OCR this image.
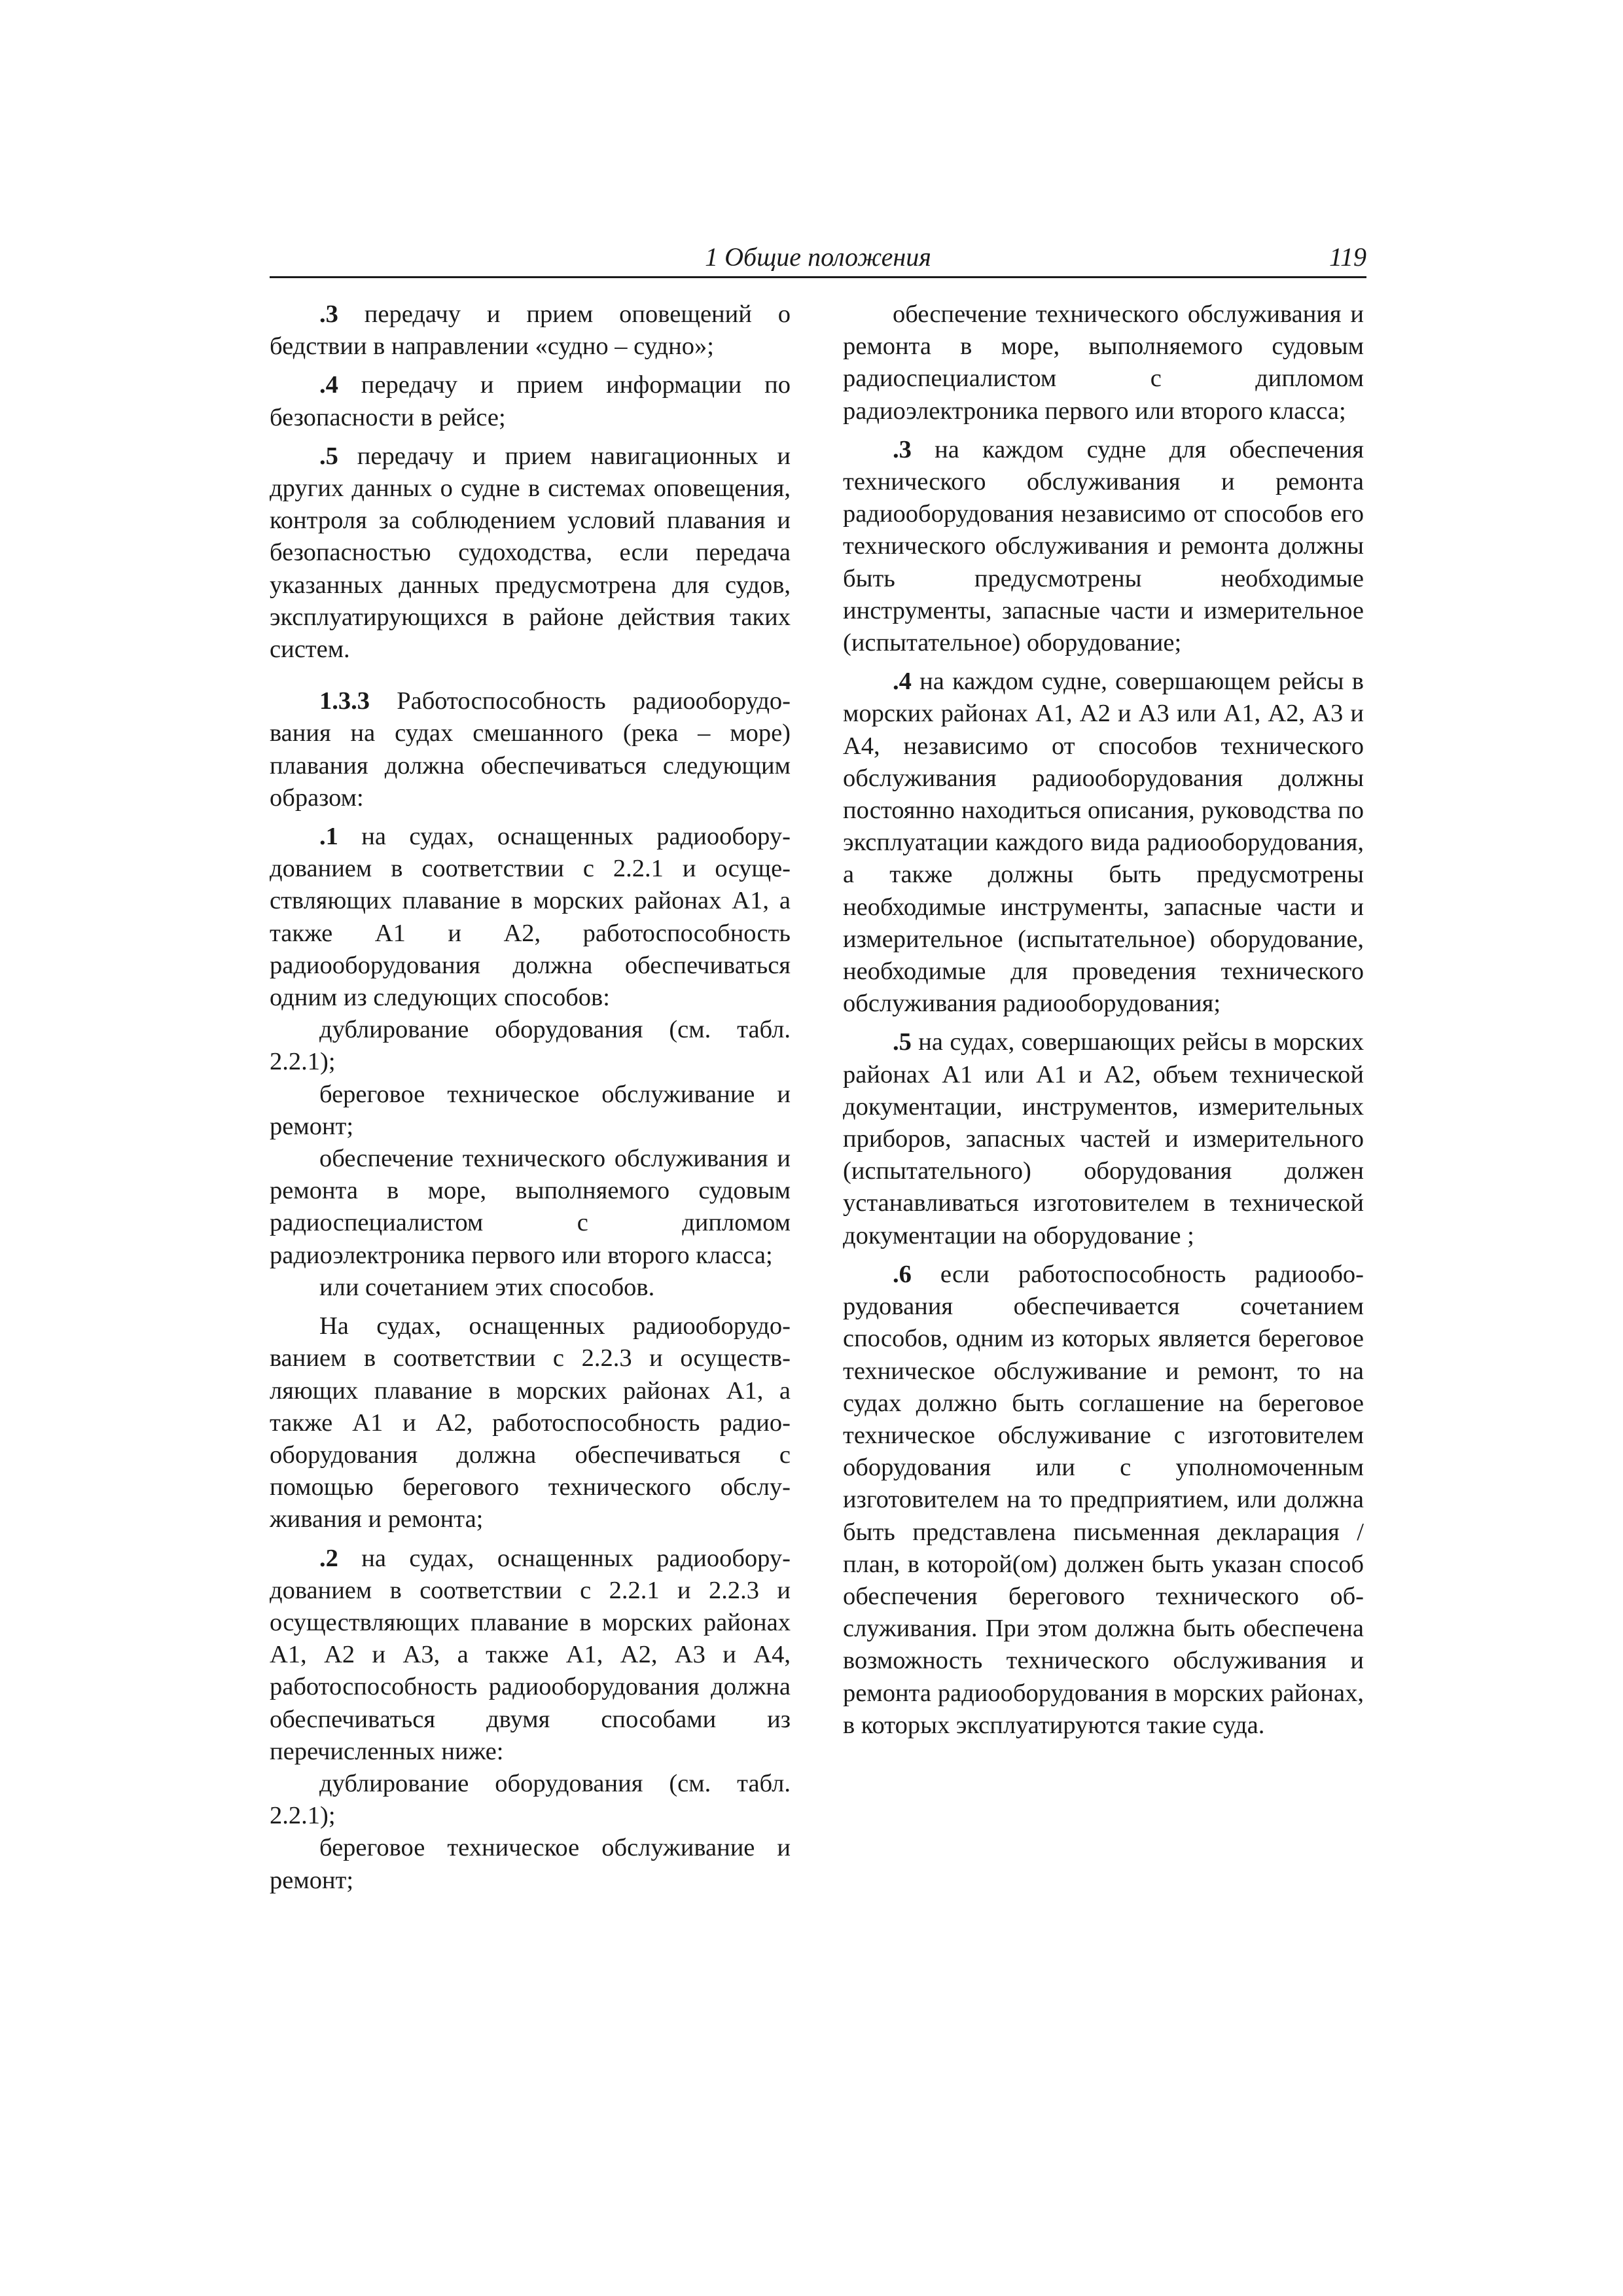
1 Общие положения	119

.3 передачу и прием оповещений о бедствии в направлении «судно – судно»;

.4 передачу и прием информации по безопасности в рейсе;

.5 передачу и прием навигационных и других данных о судне в системах оповещения, контроля за соблюдением условий плавания и безопасностью судоходства, если передача указанных данных предусмотрена для судов, эксплуатирующихся в районе действия таких систем.

1.3.3 Работоспособность радиооборудования на судах смешанного (река – море) плавания должна обеспечиваться следующим образом:

.1 на судах, оснащенных радиооборудованием в соответствии с 2.2.1 и осуществляющих плавание в морских районах А1, а также А1 и А2, работоспособность радиооборудования должна обеспечиваться одним из следующих способов:

дублирование оборудования (см. табл. 2.2.1);

береговое техническое обслуживание и ремонт;

обеспечение технического обслуживания и ремонта в море, выполняемого судовым радиоспециалистом с дипломом радиоэлектроника первого или второго класса;

или сочетанием этих способов.

На судах, оснащенных радиооборудованием в соответствии с 2.2.3 и осуществляющих плавание в морских районах А1, а также А1 и А2, работоспособность радиооборудования должна обеспечиваться с помощью берегового технического обслуживания и ремонта;

.2 на судах, оснащенных радиооборудованием в соответствии с 2.2.1 и 2.2.3 и осуществляющих плавание в морских районах А1, А2 и А3, а также А1, А2, А3 и А4, работоспособность радиооборудования должна обеспечиваться двумя способами из перечисленных ниже:

дублирование оборудования (см. табл. 2.2.1);

береговое техническое обслуживание и ремонт;

обеспечение технического обслуживания и ремонта в море, выполняемого судовым радиоспециалистом с дипломом радиоэлектроника первого или второго класса;

.3 на каждом судне для обеспечения технического обслуживания и ремонта радиооборудования независимо от способов его технического обслуживания и ремонта должны быть предусмотрены необходимые инструменты, запасные части и измерительное (испытательное) оборудование;

.4 на каждом судне, совершающем рейсы в морских районах А1, А2 и А3 или А1, А2, А3 и А4, независимо от способов технического обслуживания радиооборудования должны постоянно находиться описания, руководства по эксплуатации каждого вида радиооборудования, а также должны быть предусмотрены необходимые инструменты, запасные части и измерительное (испытательное) оборудование, необходимые для проведения технического обслуживания радиооборудования;

.5 на судах, совершающих рейсы в морских районах А1 или А1 и А2, объем технической документации, инструментов, измерительных приборов, запасных частей и измерительного (испытательного) оборудования должен устанавливаться изготовителем в технической документации на оборудование ;

.6 если работоспособность радиооборудования обеспечивается сочетанием способов, одним из которых является береговое техническое обслуживание и ремонт, то на судах должно быть соглашение на береговое техническое обслуживание с изготовителем оборудования или с уполномоченным изготовителем на то предприятием, или должна быть представлена письменная декларация / план, в которой(ом) должен быть указан способ обеспечения берегового технического обслуживания. При этом должна быть обеспечена возможность технического обслуживания и ремонта радиооборудования в морских районах, в которых эксплуатируются такие суда.
